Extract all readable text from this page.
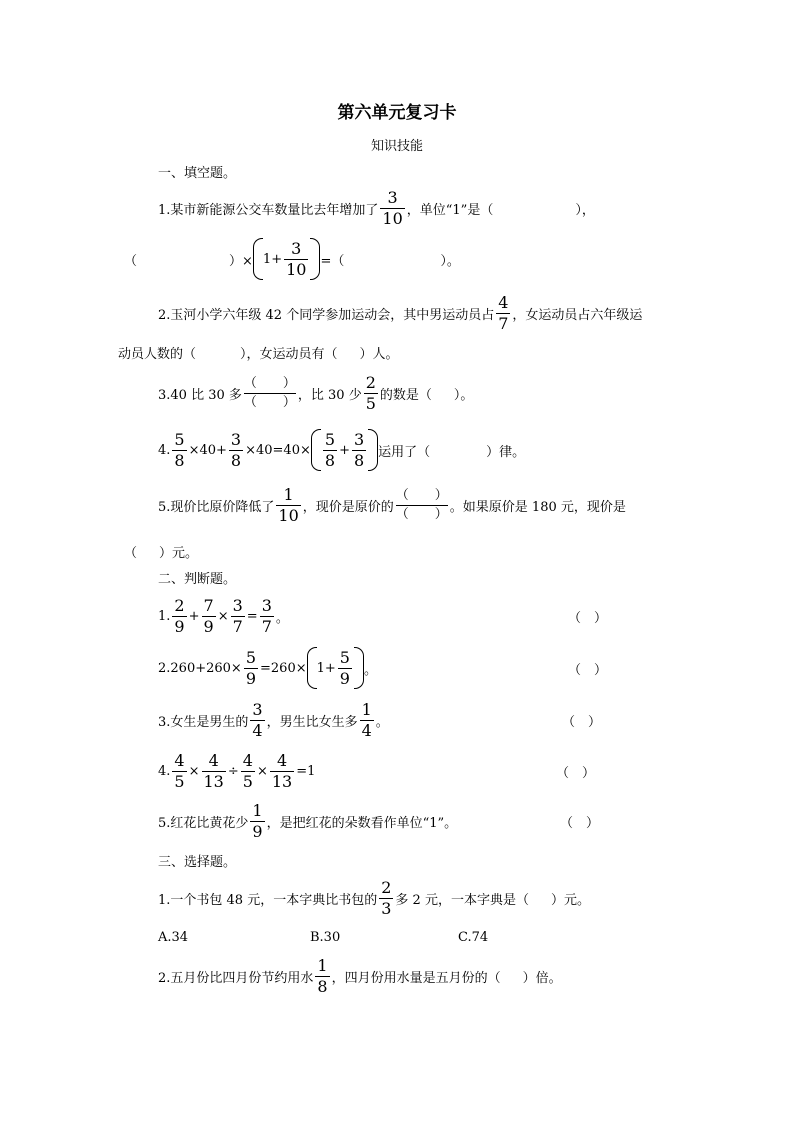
第六单元复习卡
知识技能
一、填空题。
1.某市新能源公交车数量比去年增加了 $\frac{3}{10}$ ，单位“1”是（	），
（	）× $1+ \frac{3}{10}$ =（	）。
2.玉河小学六年级 42 个同学参加运动会，其中男运动员占 $\frac{4}{7}$ ，女运动员占六年级运
动员人数的（	），女运动员有（ ）人。
3.40 比 30 多 $\frac{( )}{( )}$ ，比 30 少 $\frac{2}{5}$ 的数是（ ）。
4. $\frac{5}{8} \times 40+ \frac{3}{8} \times 40=40\times \frac{5}{8} + \frac{3}{8}$ 运用了（	）律。
5.现价比原价降低了 $\frac{1}{10}$ ，现价是原价的 $\frac{( )}{( )}$ 。如果原价是 180 元，现价是
（ ）元。
二、判断题。
1. $\frac{2}{9} + \frac{7}{9} \times \frac{3}{7} = \frac{3}{7}$ 。	（　）
$2.260+260\times \frac{5}{9} =260\times 1+ \frac{5}{9}$ 。	（　）
3.女生是男生的 $\frac{3}{4}$ ，男生比女生多 $\frac{1}{4}$ 。	（　）
4. $\frac{4}{5} \times \frac{4}{13} \div \frac{4}{5} \times \frac{4}{13} =1$	（　）
5.红花比黄花少 $\frac{1}{9}$ ，是把红花的朵数看作单位“1”。	（　）
三、选择题。
1.一个书包 48 元，一本字典比书包的 $\frac{2}{3}$ 多 2 元，一本字典是（ ）元。
A.34	B.30	C.74
2.五月份比四月份节约用水 $\frac{1}{8}$ ，四月份用水量是五月份的（ ）倍。
